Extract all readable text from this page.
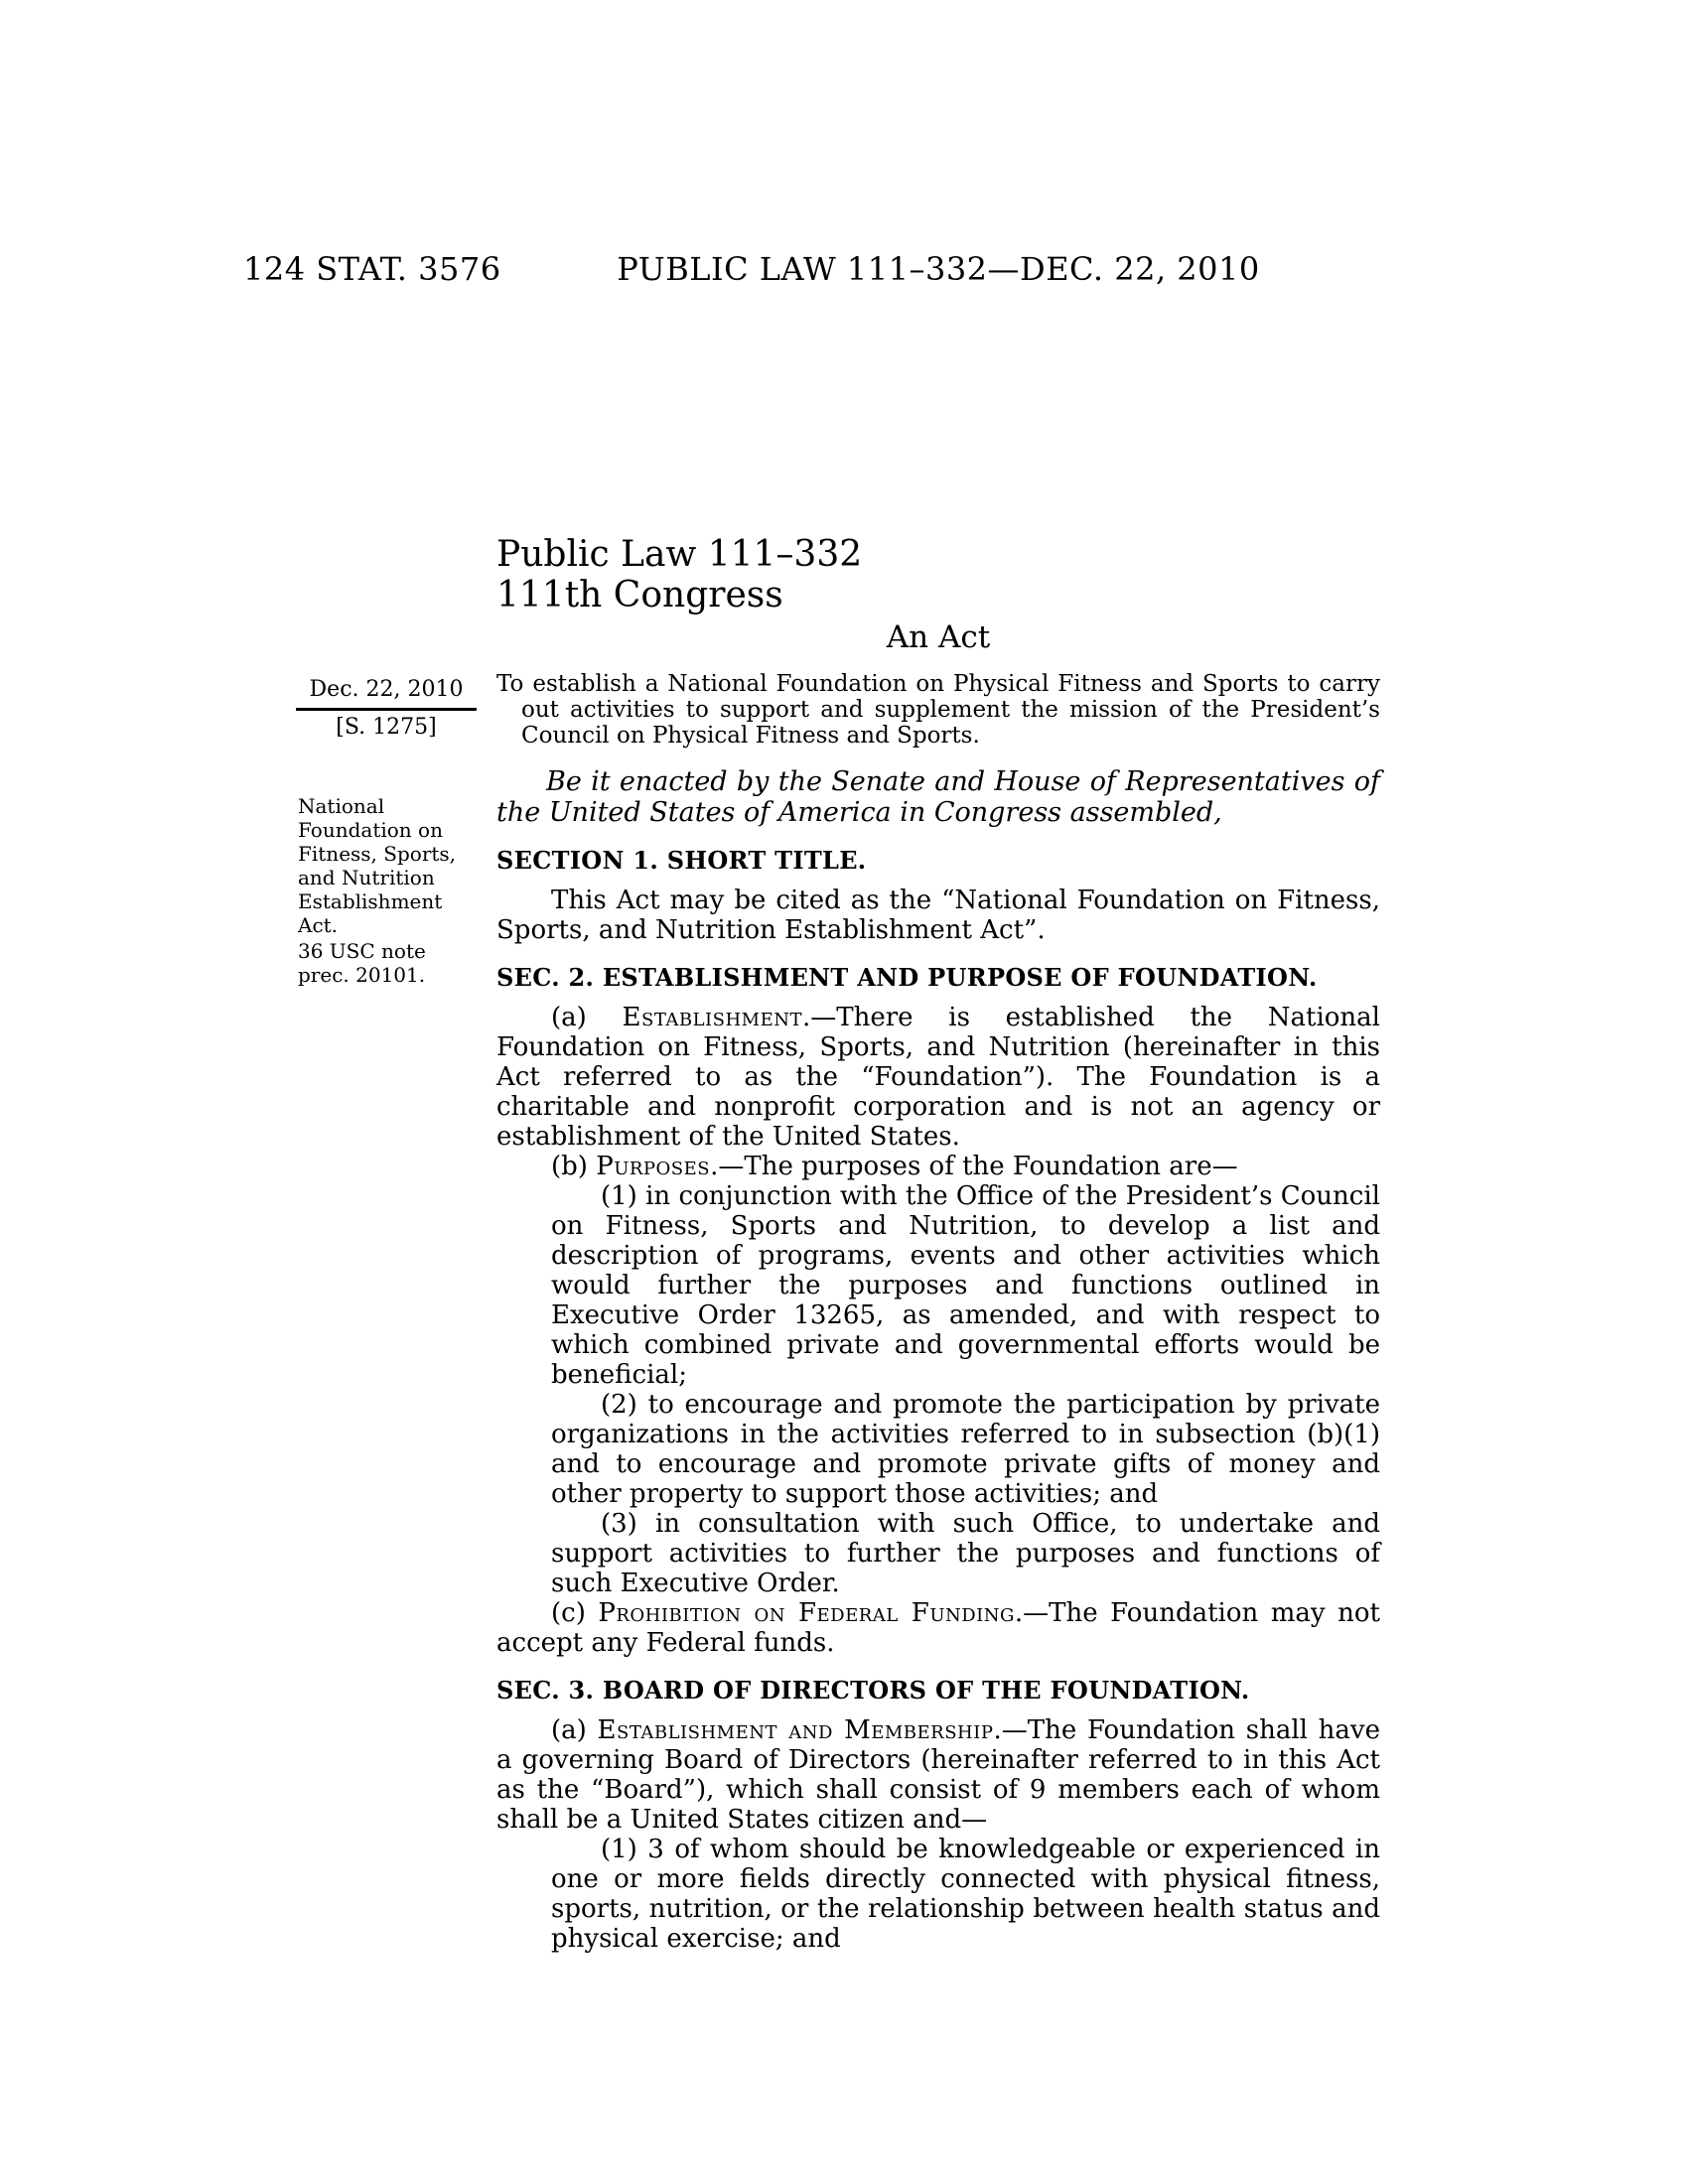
124 STAT. 3576	PUBLIC LAW 111–332—DEC. 22, 2010
Dec. 22, 2010
[S. 1275]
National Foundation on Fitness, Sports, and Nutrition Establishment Act.
36 USC note prec. 20101.
Public Law 111–332
111th Congress
An Act
To establish a National Foundation on Physical Fitness and Sports to carry out activities to support and supplement the mission of the President’s Council on Physical Fitness and Sports.
Be it enacted by the Senate and House of Representatives of the United States of America in Congress assembled,
SECTION 1. SHORT TITLE.
This Act may be cited as the “National Foundation on Fitness, Sports, and Nutrition Establishment Act”.
SEC. 2. ESTABLISHMENT AND PURPOSE OF FOUNDATION.
(a) Establishment.—There is established the National Foundation on Fitness, Sports, and Nutrition (hereinafter in this Act referred to as the “Foundation”). The Foundation is a charitable and nonprofit corporation and is not an agency or establishment of the United States.
(b) Purposes.—The purposes of the Foundation are—
(1) in conjunction with the Office of the President’s Council on Fitness, Sports and Nutrition, to develop a list and description of programs, events and other activities which would further the purposes and functions outlined in Executive Order 13265, as amended, and with respect to which combined private and governmental efforts would be beneficial;
(2) to encourage and promote the participation by private organizations in the activities referred to in subsection (b)(1) and to encourage and promote private gifts of money and other property to support those activities; and
(3) in consultation with such Office, to undertake and support activities to further the purposes and functions of such Executive Order.
(c) Prohibition on Federal Funding.—The Foundation may not accept any Federal funds.
SEC. 3. BOARD OF DIRECTORS OF THE FOUNDATION.
(a) Establishment and Membership.—The Foundation shall have a governing Board of Directors (hereinafter referred to in this Act as the “Board”), which shall consist of 9 members each of whom shall be a United States citizen and—
(1) 3 of whom should be knowledgeable or experienced in one or more fields directly connected with physical fitness, sports, nutrition, or the relationship between health status and physical exercise; and
